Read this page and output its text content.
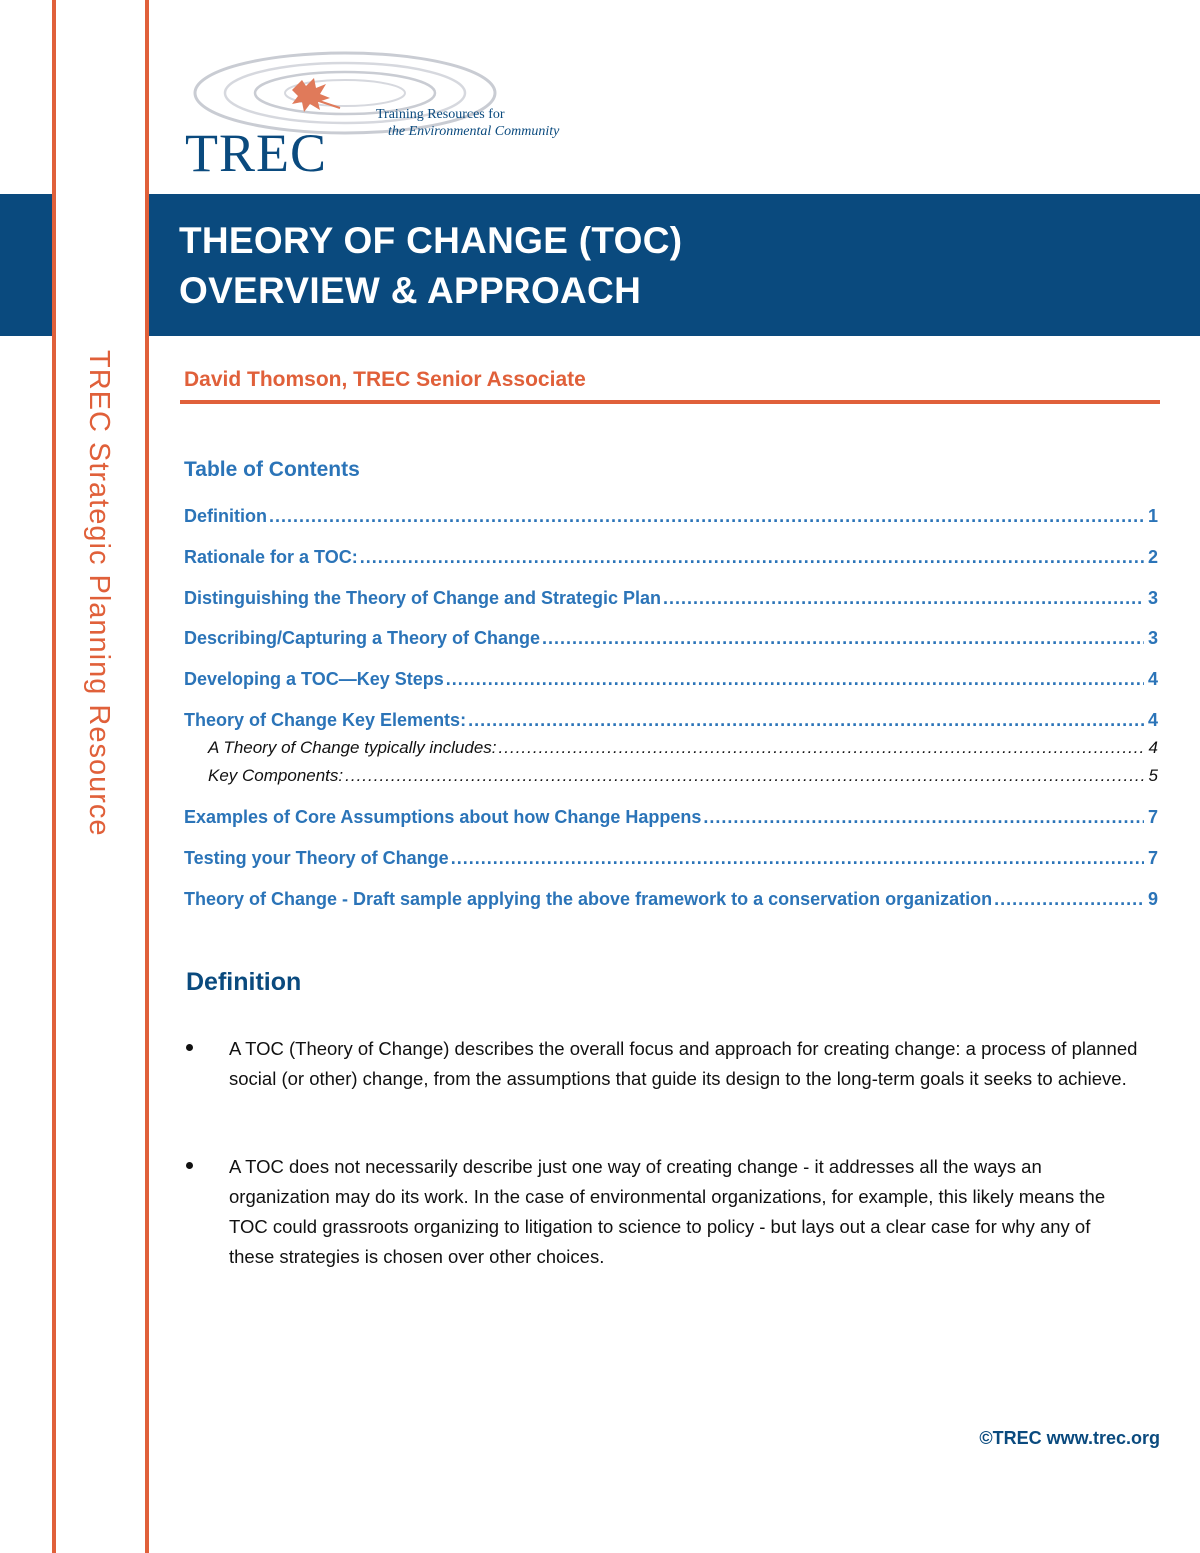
TREC
Training Resources for
the Environmental Community
THEORY OF CHANGE (TOC)
OVERVIEW & APPROACH
TREC Strategic Planning Resource	David Thomson, TREC Senior Associate
Table of Contents
Definition .....	1
Rationale for a TOC: .....	2
Distinguishing the Theory of Change and Strategic Plan .....	3
Describing/Capturing a Theory of Change .....	3
Developing a TOC—Key Steps .....	4
Theory of Change Key Elements: .....	4
A Theory of Change typically includes: .....	4
Key Components: .....	5
Examples of Core Assumptions about how Change Happens .....	7
Testing your Theory of Change .....	7
Theory of Change - Draft sample applying the above framework to a conservation organization .....	9
Definition
A TOC (Theory of Change) describes the overall focus and approach for creating change: a process of planned social (or other) change, from the assumptions that guide its design to the long-term goals it seeks to achieve.
A TOC does not necessarily describe just one way of creating change - it addresses all the ways an organization may do its work. In the case of environmental organizations, for example, this likely means the TOC could grassroots organizing to litigation to science to policy - but lays out a clear case for why any of these strategies is chosen over other choices.
©TREC www.trec.org
